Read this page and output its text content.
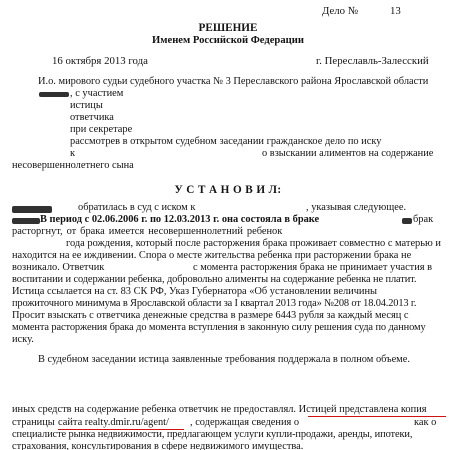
Дело №	13
РЕШЕНИЕ
Именем Российской Федерации
16 октября 2013 года	г. Переславль-Залесский
И.о. мирового судьи судебного участка № 3 Переславского района Ярославской области
, с участием
истицы
ответчика
при секретаре
рассмотрев в открытом судебном заседании гражданское дело по иску
к	о взыскании алиментов на содержание
несовершеннолетнего сына
У С Т А Н О В И Л:
обратилась в суд с иском к	, указывая следующее.
В период с 02.06.2006 г. по 12.03.2013 г. она состояла в браке	брак
расторгнут, от брака имеется несовершеннолетний ребенок
года рождения, который после расторжения брака проживает совместно с матерью и
находится на ее иждивении. Спора о месте жительства ребенка при расторжении брака не
возникало. Ответчик	с момента расторжения брака не принимает участия в
воспитании и содержании ребенка, добровольно алименты на содержание ребенка не платит.
Истица ссылается на ст. 83 СК РФ, Указ Губернатора «Об установлении величины
прожиточного минимума в Ярославской области за I квартал 2013 года» №208 от 18.04.2013 г.
Просит взыскать с ответчика денежные средства в размере 6443 рубля за каждый месяц с
момента расторжения брака до момента вступления в законную силу решения суда по данному
иску.
В судебном заседании истица заявленные требования поддержала в полном объеме.
иных средств на содержание ребенка ответчик не предоставлял. Истицей представлена копия
страницы сайта realty.dmir.ru/agent/ , содержащая сведения о	как о
специалисте рынка недвижимости, предлагающем услуги купли-продажи, аренды, ипотеки,
страхования, консультирования в сфере недвижимого имущества.
